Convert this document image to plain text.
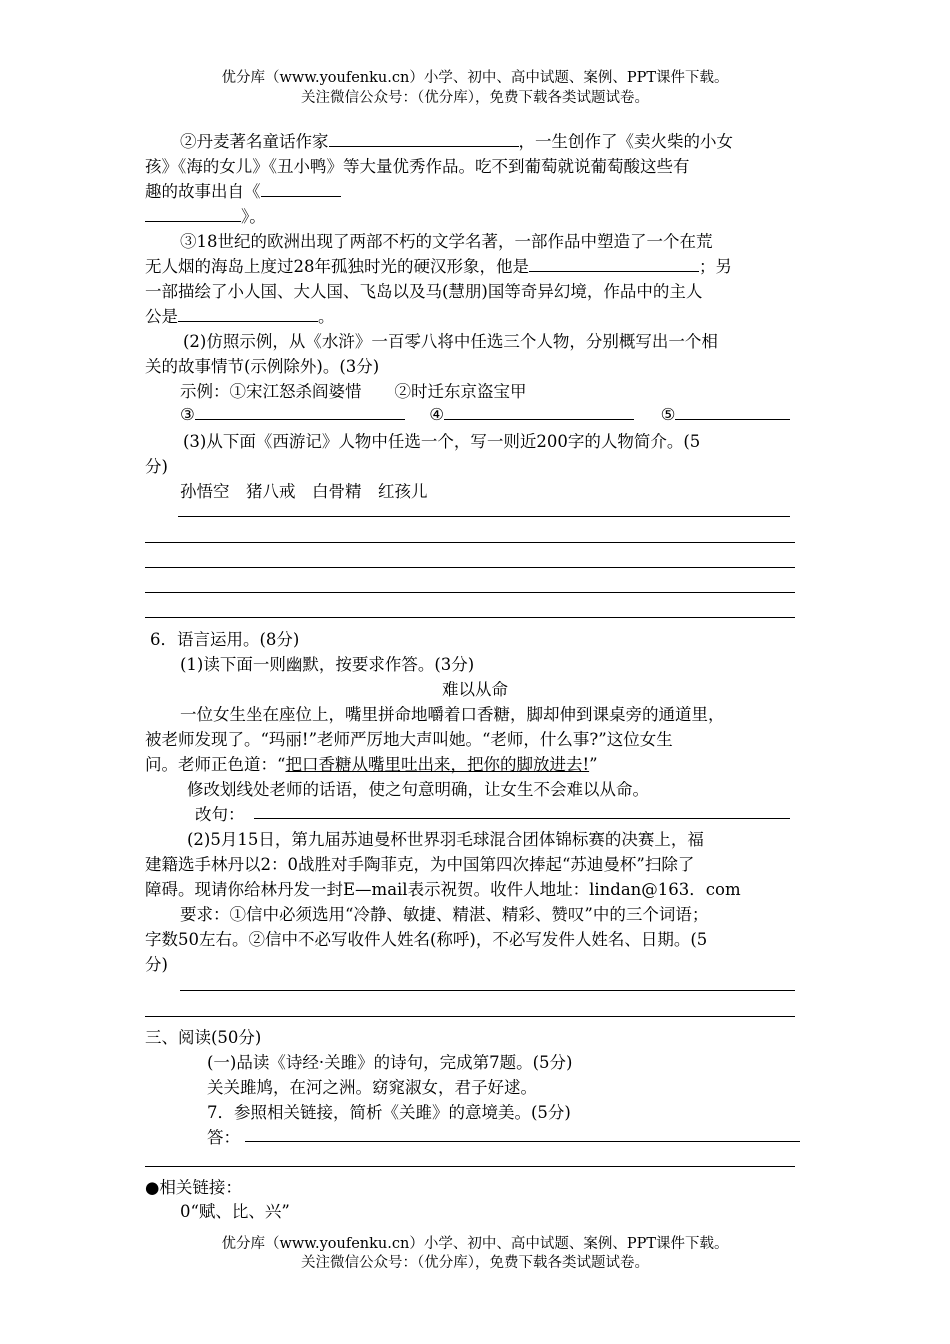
优分库（www.youfenku.cn）小学、初中、高中试题、案例、PPT课件下载。
关注微信公众号：（优分库），免费下载各类试题试卷。
②丹麦著名童话作家	，一生创作了《卖火柴的小女
孩》《海的女儿》《丑小鸭》等大量优秀作品。吃不到葡萄就说葡萄酸这些有
趣的故事出自《
》。
③18世纪的欧洲出现了两部不朽的文学名著，一部作品中塑造了一个在荒
无人烟的海岛上度过28年孤独时光的硬汉形象，他是	；另
一部描绘了小人国、大人国、飞岛以及马(慧朋)国等奇异幻境，作品中的主人
公是	。
(2)仿照示例，从《水浒》一百零八将中任选三个人物，分别概写出一个相
关的故事情节(示例除外)。(3分)
示例：①宋江怒杀阎婆惜　　②时迁东京盗宝甲
③	④	⑤
(3)从下面《西游记》人物中任选一个，写一则近200字的人物简介。(5
分)
孙悟空　猪八戒　白骨精　红孩儿
6．语言运用。(8分)
(1)读下面一则幽默，按要求作答。(3分)
难以从命
一位女生坐在座位上，嘴里拼命地嚼着口香糖，脚却伸到课桌旁的通道里，
被老师发现了。“玛丽!”老师严厉地大声叫她。“老师，什么事?”这位女生
问。老师正色道：“把口香糖从嘴里吐出来，把你的脚放进去!”
修改划线处老师的话语，使之句意明确，让女生不会难以从命。
改句：
(2)5月15日，第九届苏迪曼杯世界羽毛球混合团体锦标赛的决赛上，福
建籍选手林丹以2：0战胜对手陶菲克，为中国第四次捧起“苏迪曼杯”扫除了
障碍。现请你给林丹发一封E—mail表示祝贺。收件人地址：lindan@163．com
要求：①信中必须选用“冷静、敏捷、精湛、精彩、赞叹”中的三个词语；
字数50左右。②信中不必写收件人姓名(称呼)，不必写发件人姓名、日期。(5
分)
三、阅读(50分)
(一)品读《诗经·关雎》的诗句，完成第7题。(5分)
关关雎鸠，在河之洲。窈窕淑女，君子好逑。
7．参照相关链接，简析《关雎》的意境美。(5分)
答：
●相关链接：
0“赋、比、兴”
优分库（www.youfenku.cn）小学、初中、高中试题、案例、PPT课件下载。
关注微信公众号：（优分库），免费下载各类试题试卷。
